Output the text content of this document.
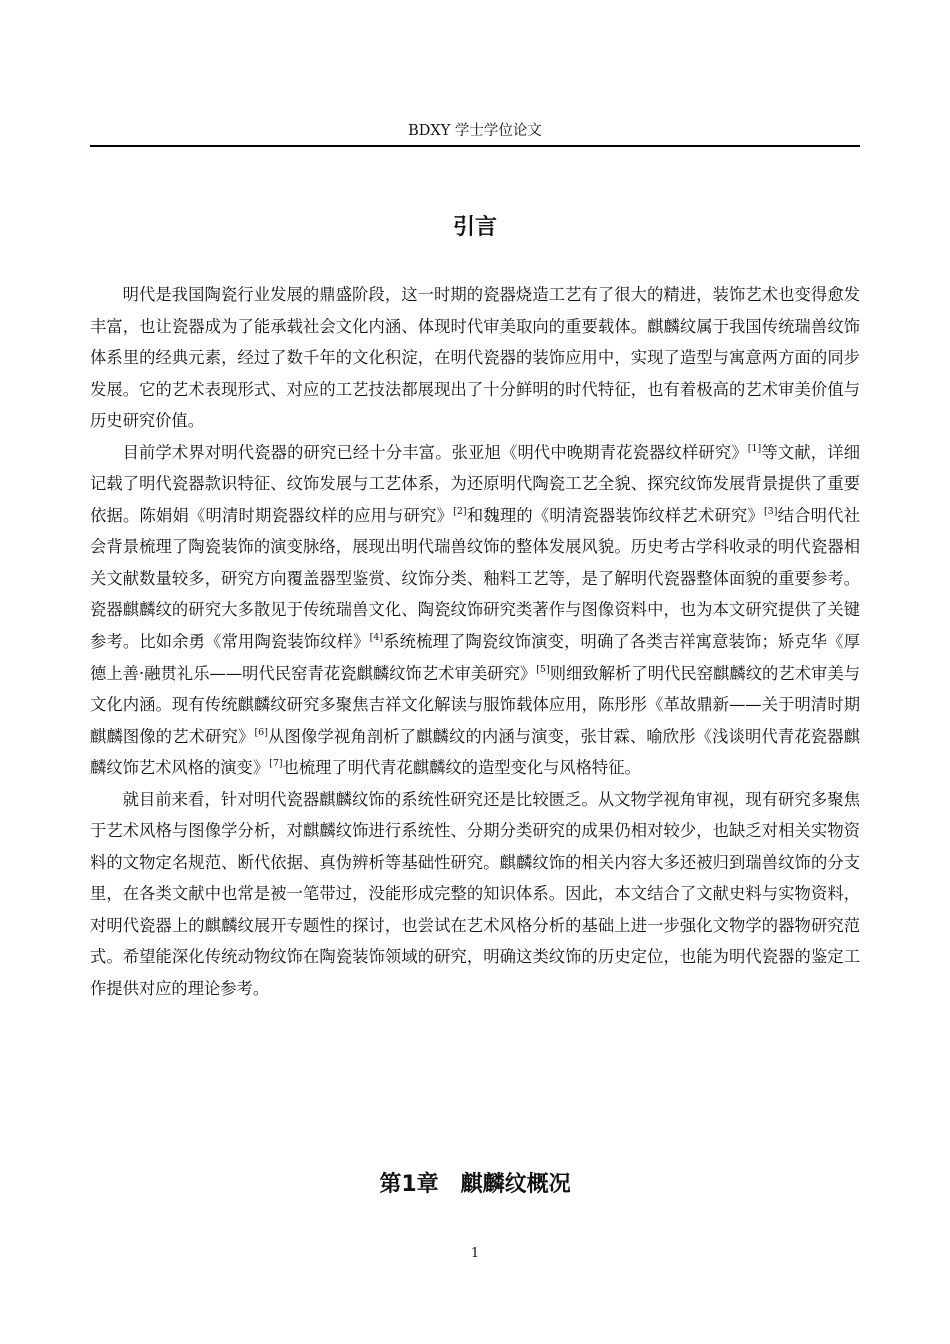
BDXY 学士学位论文
引言

明代是我国陶瓷行业发展的鼎盛阶段，这一时期的瓷器烧造工艺有了很大的精进，装饰艺术也变得愈发丰富，也让瓷器成为了能承载社会文化内涵、体现时代审美取向的重要载体。麒麟纹属于我国传统瑞兽纹饰体系里的经典元素，经过了数千年的文化积淀，在明代瓷器的装饰应用中，实现了造型与寓意两方面的同步发展。它的艺术表现形式、对应的工艺技法都展现出了十分鲜明的时代特征，也有着极高的艺术审美价值与历史研究价值。

目前学术界对明代瓷器的研究已经十分丰富。张亚旭《明代中晚期青花瓷器纹样研究》[1]等文献，详细记载了明代瓷器款识特征、纹饰发展与工艺体系，为还原明代陶瓷工艺全貌、探究纹饰发展背景提供了重要依据。陈娟娟《明清时期瓷器纹样的应用与研究》[2]和魏理的《明清瓷器装饰纹样艺术研究》[3]结合明代社会背景梳理了陶瓷装饰的演变脉络，展现出明代瑞兽纹饰的整体发展风貌。历史考古学科收录的明代瓷器相关文献数量较多，研究方向覆盖器型鉴赏、纹饰分类、釉料工艺等，是了解明代瓷器整体面貌的重要参考。瓷器麒麟纹的研究大多散见于传统瑞兽文化、陶瓷纹饰研究类著作与图像资料中，也为本文研究提供了关键参考。比如余勇《常用陶瓷装饰纹样》[4]系统梳理了陶瓷纹饰演变，明确了各类吉祥寓意装饰；矫克华《厚德上善·融贯礼乐——明代民窑青花瓷麒麟纹饰艺术审美研究》[5]则细致解析了明代民窑麒麟纹的艺术审美与文化内涵。现有传统麒麟纹研究多聚焦吉祥文化解读与服饰载体应用，陈彤彤《革故鼎新——关于明清时期麒麟图像的艺术研究》[6]从图像学视角剖析了麒麟纹的内涵与演变，张甘霖、喻欣彤《浅谈明代青花瓷器麒麟纹饰艺术风格的演变》[7]也梳理了明代青花麒麟纹的造型变化与风格特征。

就目前来看，针对明代瓷器麒麟纹饰的系统性研究还是比较匮乏。从文物学视角审视，现有研究多聚焦于艺术风格与图像学分析，对麒麟纹饰进行系统性、分期分类研究的成果仍相对较少，也缺乏对相关实物资料的文物定名规范、断代依据、真伪辨析等基础性研究。麒麟纹饰的相关内容大多还被归到瑞兽纹饰的分支里，在各类文献中也常是被一笔带过，没能形成完整的知识体系。因此，本文结合了文献史料与实物资料，对明代瓷器上的麒麟纹展开专题性的探讨，也尝试在艺术风格分析的基础上进一步强化文物学的器物研究范式。希望能深化传统动物纹饰在陶瓷装饰领域的研究，明确这类纹饰的历史定位，也能为明代瓷器的鉴定工作提供对应的理论参考。

第1章　麒麟纹概况
1
